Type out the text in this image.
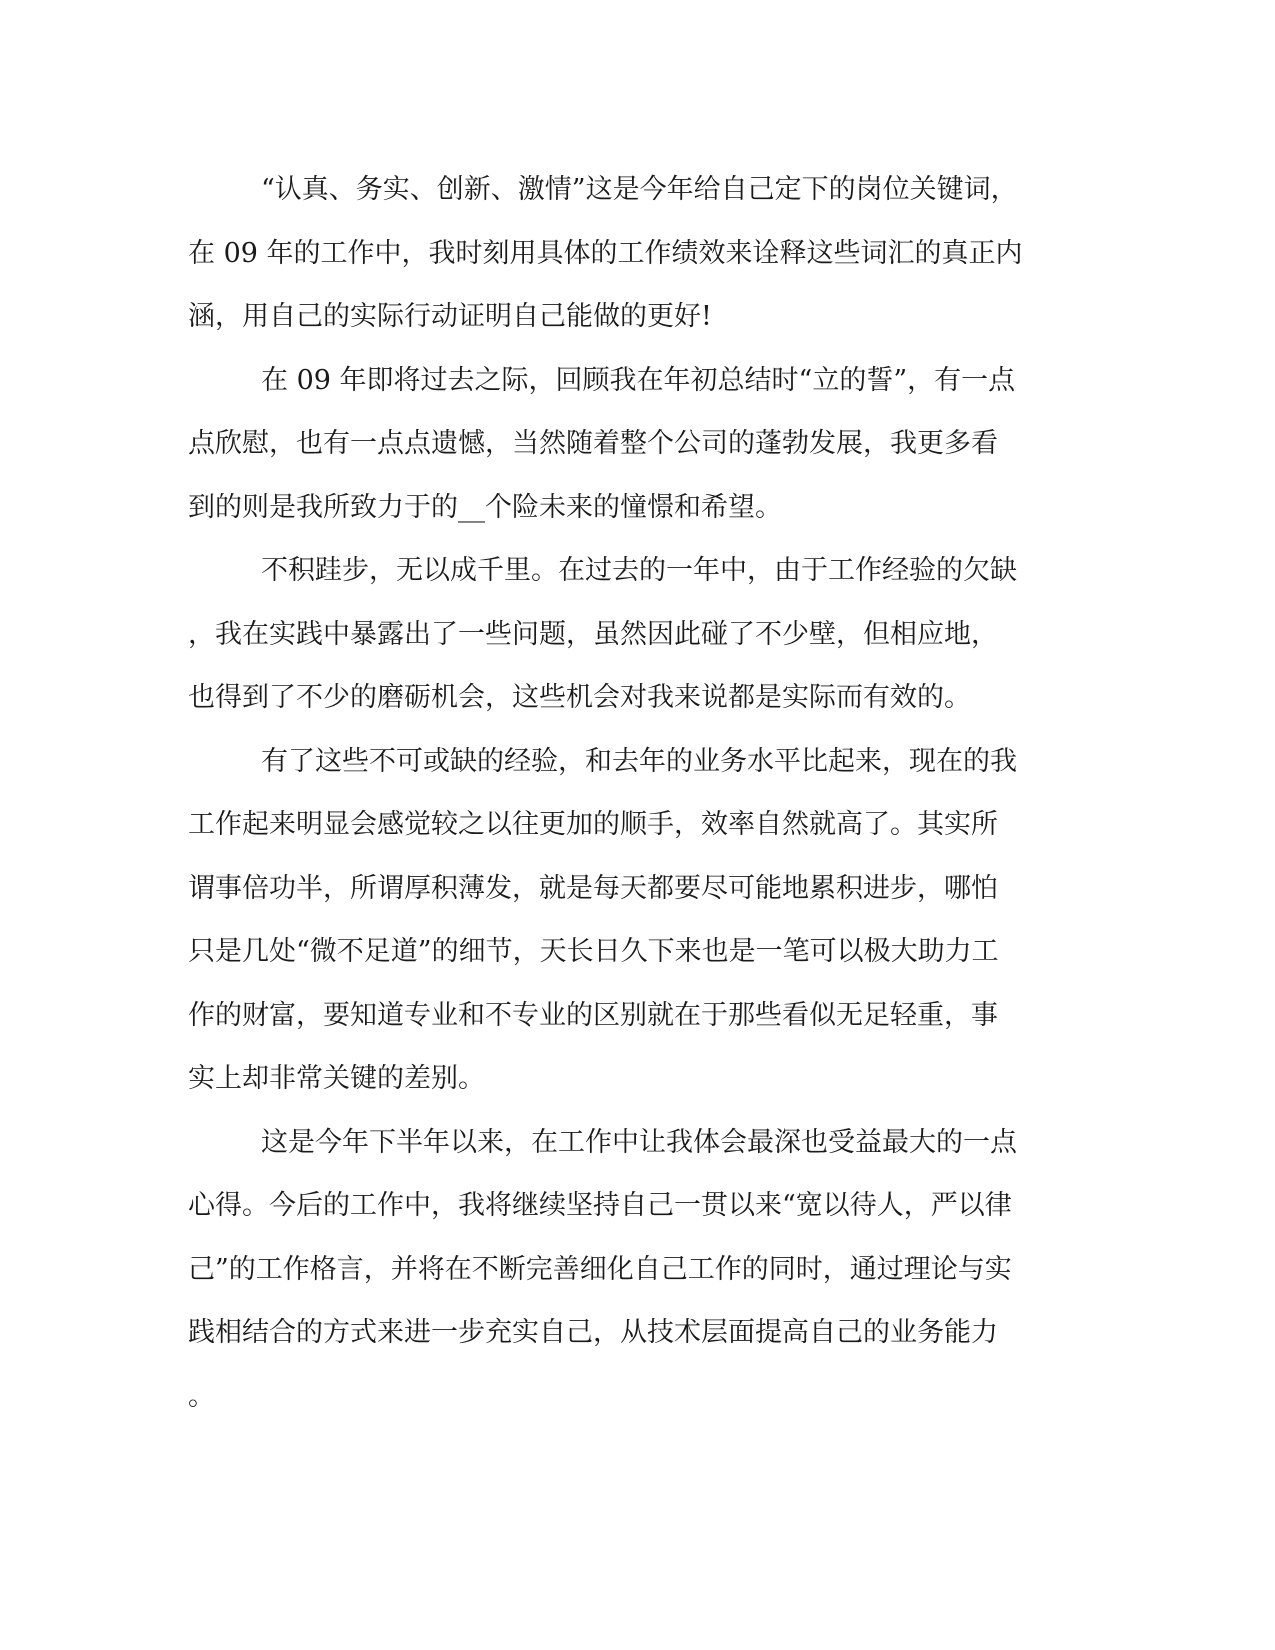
“认真、务实、创新、激情”这是今年给自己定下的岗位关键词，
在 09 年的工作中，我时刻用具体的工作绩效来诠释这些词汇的真正内
涵，用自己的实际行动证明自己能做的更好!
在 09 年即将过去之际，回顾我在年初总结时“立的誓”，有一点
点欣慰，也有一点点遗憾，当然随着整个公司的蓬勃发展，我更多看
到的则是我所致力于的__个险未来的憧憬和希望。
不积跬步，无以成千里。在过去的一年中，由于工作经验的欠缺
，我在实践中暴露出了一些问题，虽然因此碰了不少壁，但相应地，
也得到了不少的磨砺机会，这些机会对我来说都是实际而有效的。
有了这些不可或缺的经验，和去年的业务水平比起来，现在的我
工作起来明显会感觉较之以往更加的顺手，效率自然就高了。其实所
谓事倍功半，所谓厚积薄发，就是每天都要尽可能地累积进步，哪怕
只是几处“微不足道”的细节，天长日久下来也是一笔可以极大助力工
作的财富，要知道专业和不专业的区别就在于那些看似无足轻重，事
实上却非常关键的差别。
这是今年下半年以来，在工作中让我体会最深也受益最大的一点
心得。今后的工作中，我将继续坚持自己一贯以来“宽以待人，严以律
己”的工作格言，并将在不断完善细化自己工作的同时，通过理论与实
践相结合的方式来进一步充实自己，从技术层面提高自己的业务能力
。
